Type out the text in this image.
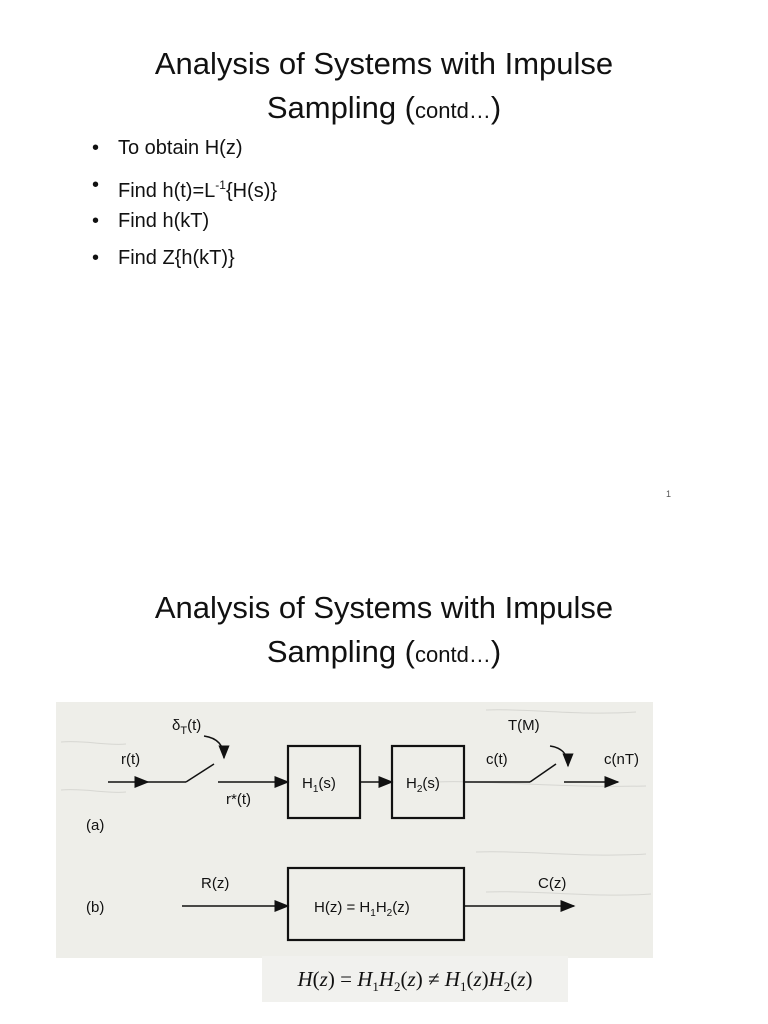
Analysis of Systems with Impulse
Sampling (contd…)
• To obtain H(z)
• Find $h(t)=L^{-1}\{H(s)\}$
• Find h(kT)
• Find Z{h(kT)}
1
Analysis of Systems with Impulse
Sampling (contd…)
(a)
r(t)
$\delta_T(t)$
r*(t)
$H_1(s)$	$H_2(s)$
c(t)
T(M)
c(nT)
(b)
R(z)
$H(z) = H_1H_2(z)$
C(z)
$H(z) = H_1H_2(z) \ne H_1(z)H_2(z)$
